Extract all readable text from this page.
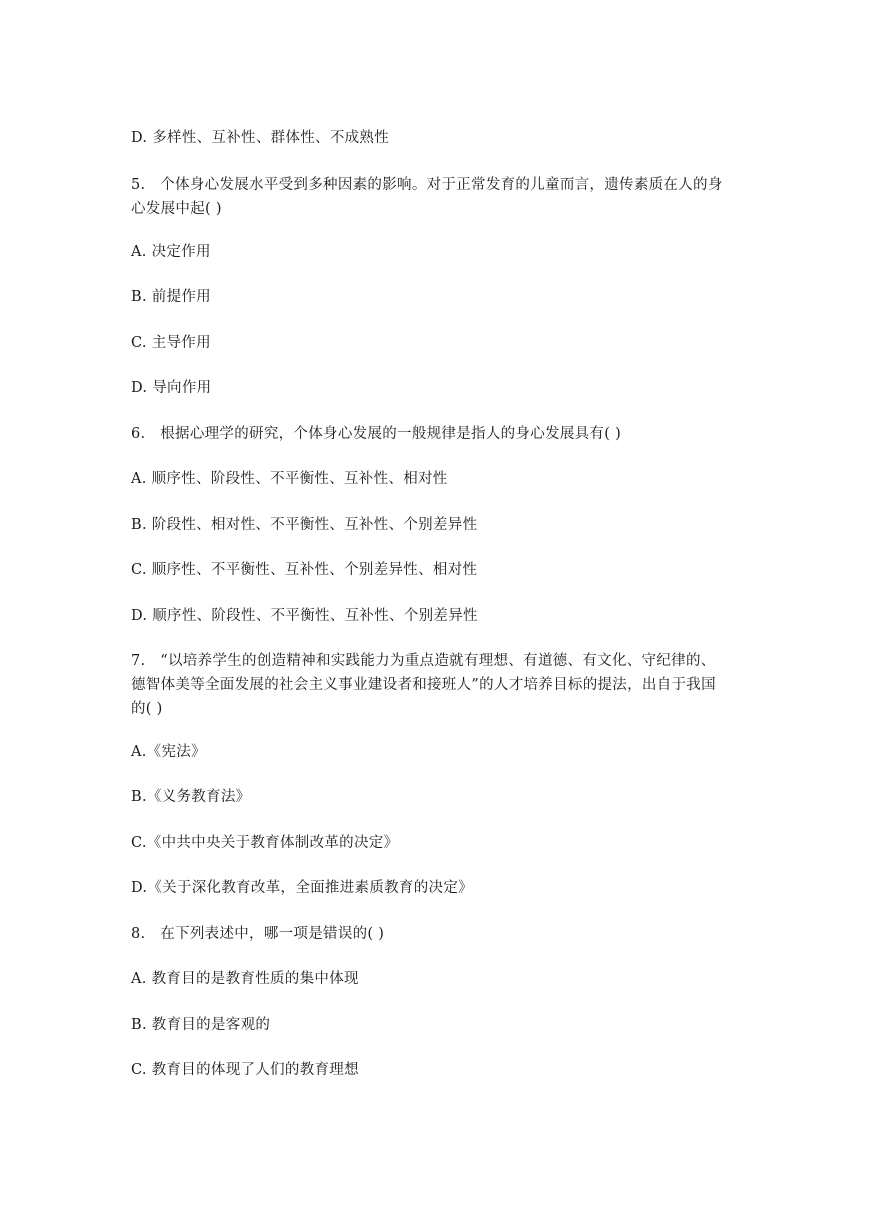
D. 多样性、互补性、群体性、不成熟性
5.　个体身心发展水平受到多种因素的影响。对于正常发育的儿童而言，遗传素质在人的身
心发展中起( )
A. 决定作用
B. 前提作用
C. 主导作用
D. 导向作用
6.　根据心理学的研究，个体身心发展的一般规律是指人的身心发展具有( )
A. 顺序性、阶段性、不平衡性、互补性、相对性
B. 阶段性、相对性、不平衡性、互补性、个别差异性
C. 顺序性、不平衡性、互补性、个别差异性、相对性
D. 顺序性、阶段性、不平衡性、互补性、个别差异性
7.　“以培养学生的创造精神和实践能力为重点造就有理想、有道德、有文化、守纪律的、
德智体美等全面发展的社会主义事业建设者和接班人”的人才培养目标的提法，出自于我国
的( )
A.《宪法》
B.《义务教育法》
C.《中共中央关于教育体制改革的决定》
D.《关于深化教育改革，全面推进素质教育的决定》
8.　在下列表述中，哪一项是错误的( )
A. 教育目的是教育性质的集中体现
B. 教育目的是客观的
C. 教育目的体现了人们的教育理想
